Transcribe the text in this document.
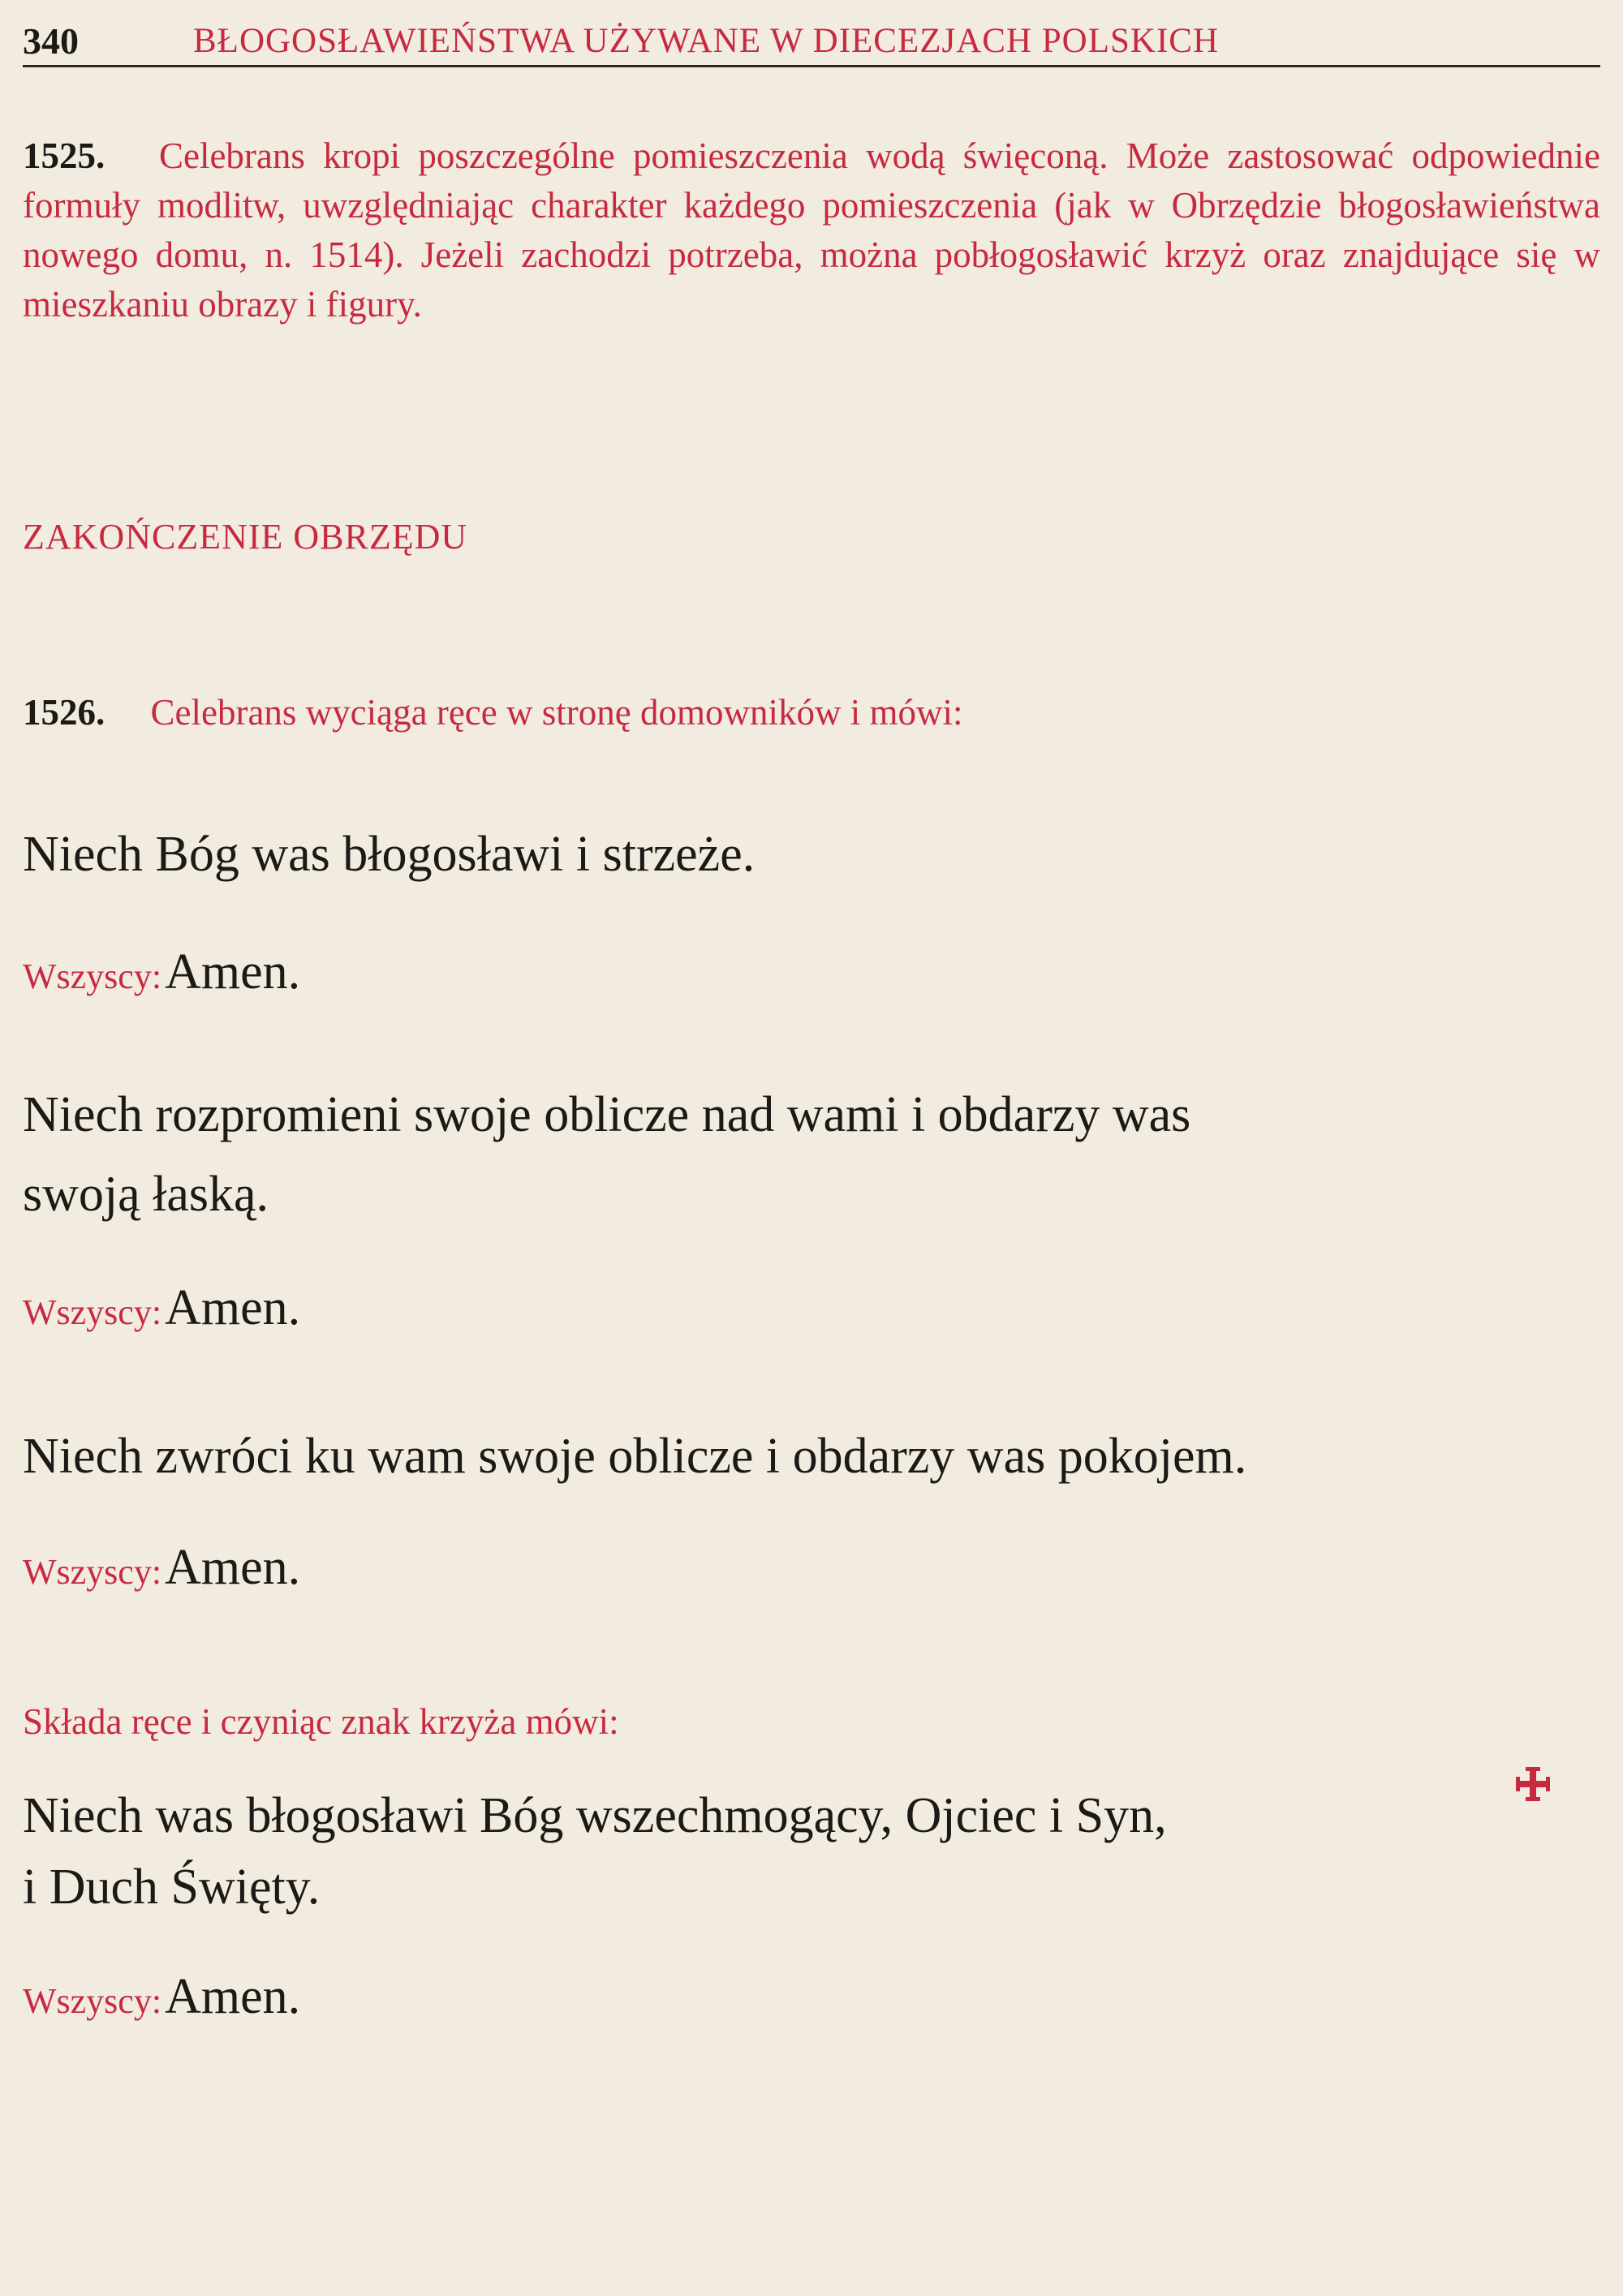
340	BŁOGOSŁAWIEŃSTWA UŻYWANE W DIECEZJACH POLSKICH
1525. Celebrans kropi poszczególne pomieszczenia wodą święconą. Może zastosować odpowiednie formuły modlitw, uwzględniając charakter każdego pomieszczenia (jak w Obrzędzie błogosławieństwa nowego domu, n. 1514). Jeżeli zachodzi potrzeba, można pobłogosławić krzyż oraz znajdujące się w mieszkaniu obrazy i figury.
ZAKOŃCZENIE OBRZĘDU
1526. Celebrans wyciąga ręce w stronę domowników i mówi:
Niech Bóg was błogosławi i strzeże.
Wszyscy: Amen.
Niech rozpromieni swoje oblicze nad wami i obdarzy was
swoją łaską.
Wszyscy: Amen.
Niech zwróci ku wam swoje oblicze i obdarzy was pokojem.
Wszyscy: Amen.
Składa ręce i czyniąc znak krzyża mówi:
Niech was błogosławi Bóg wszechmogący, Ojciec i Syn,
i Duch Święty.
Wszyscy: Amen.
